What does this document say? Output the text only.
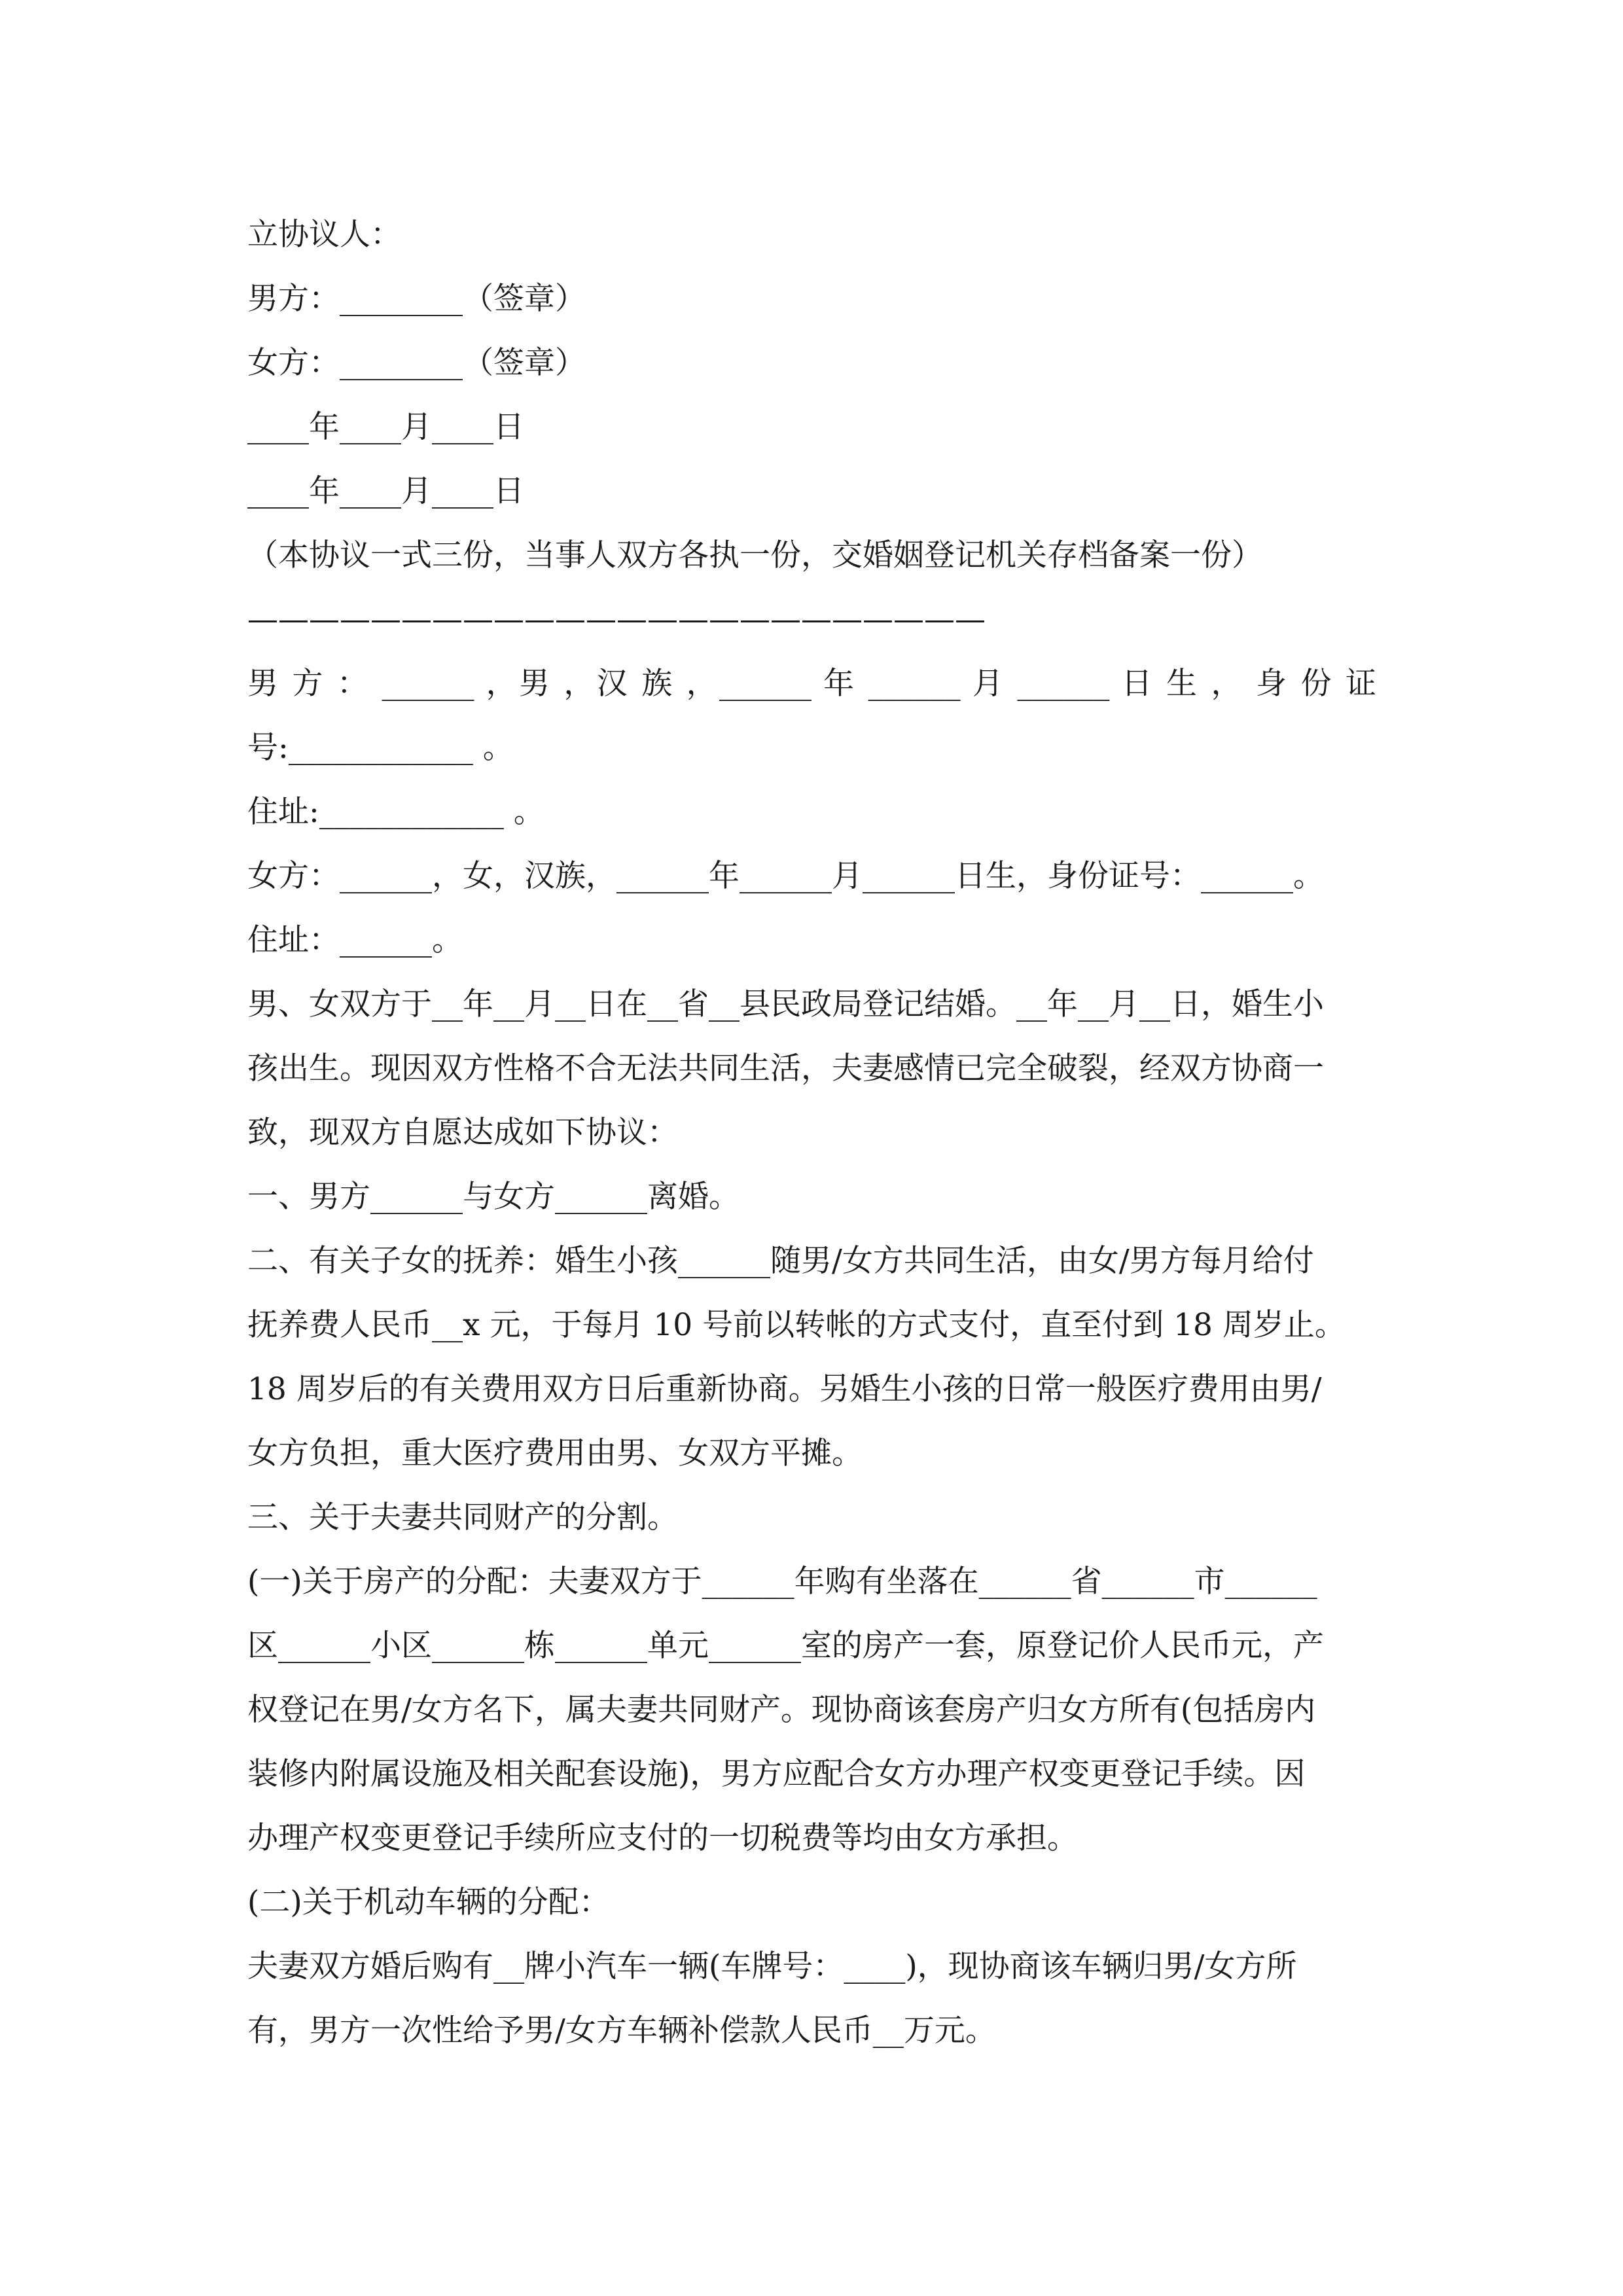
立协议人：
男方：________（签章）
女方：________（签章）
____年____月____日
____年____月____日
（本协议一式三份，当事人双方各执一份，交婚姻登记机关存档备案一份）
————————————————————————
男 方 ： ______ ，男 ，汉 族 ，______ 年 ______ 月 ______ 日 生 ， 身 份 证
号:____________ 。
住址:____________ 。
女方：______，女，汉族，______年______月______日生，身份证号：______。
住址：______。
男、女双方于__年__月__日在__省__县民政局登记结婚。__年__月__日，婚生小
孩出生。现因双方性格不合无法共同生活，夫妻感情已完全破裂，经双方协商一
致，现双方自愿达成如下协议：
一、男方______与女方______离婚。
二、有关子女的抚养：婚生小孩______随男/女方共同生活，由女/男方每月给付
抚养费人民币__x 元，于每月 10 号前以转帐的方式支付，直至付到 18 周岁止。
18 周岁后的有关费用双方日后重新协商。另婚生小孩的日常一般医疗费用由男/
女方负担，重大医疗费用由男、女双方平摊。
三、关于夫妻共同财产的分割。
(一)关于房产的分配：夫妻双方于______年购有坐落在______省______市______
区______小区______栋______单元______室的房产一套，原登记价人民币元，产
权登记在男/女方名下，属夫妻共同财产。现协商该套房产归女方所有(包括房内
装修内附属设施及相关配套设施)，男方应配合女方办理产权变更登记手续。因
办理产权变更登记手续所应支付的一切税费等均由女方承担。
(二)关于机动车辆的分配：
夫妻双方婚后购有__牌小汽车一辆(车牌号：____)，现协商该车辆归男/女方所
有，男方一次性给予男/女方车辆补偿款人民币__万元。
